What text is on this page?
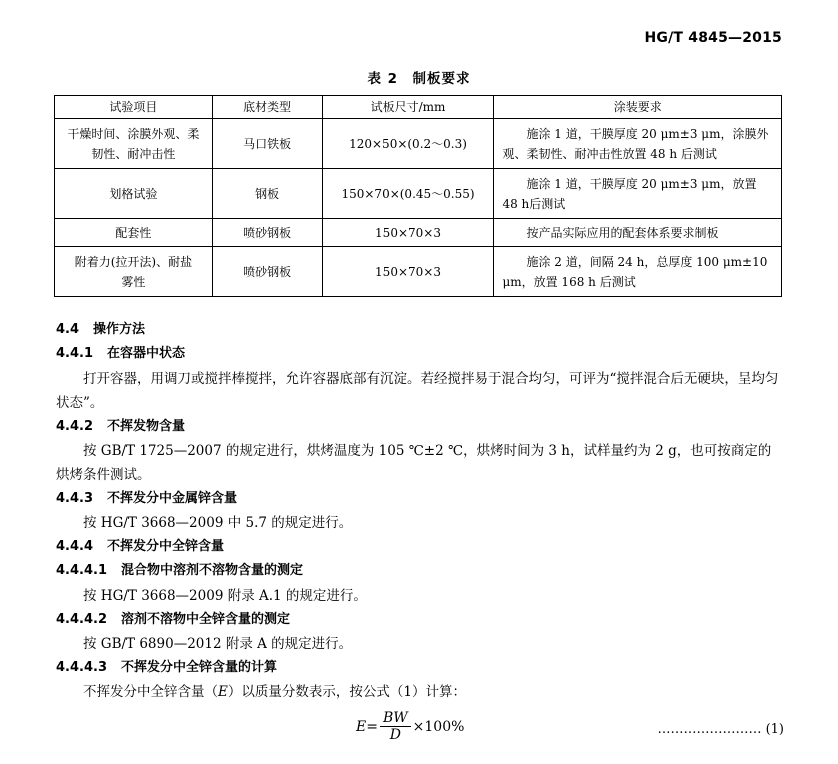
HG/T 4845—2015
表 2　制板要求
试验项目	底材类型	试板尺寸/mm	涂装要求
干燥时间、涂膜外观、柔韧性、耐冲击性	马口铁板	120×50×(0.2～0.3)	施涂 1 道，干膜厚度 20 μm±3 μm，涂膜外观、柔韧性、耐冲击性放置 48 h 后测试
划格试验	钢板	150×70×(0.45～0.55)	施涂 1 道，干膜厚度 20 μm±3 μm，放置 48 h后测试
配套性	喷砂钢板	150×70×3	按产品实际应用的配套体系要求制板
附着力(拉开法)、耐盐雾性	喷砂钢板	150×70×3	施涂 2 道，间隔 24 h，总厚度 100 μm±10 μm，放置 168 h 后测试
4.4 操作方法
4.4.1 在容器中状态
打开容器，用调刀或搅拌棒搅拌，允许容器底部有沉淀。若经搅拌易于混合均匀，可评为“搅拌混合后无硬块，呈均匀状态”。
4.4.2 不挥发物含量
按 GB/T 1725—2007 的规定进行，烘烤温度为 105 ℃±2 ℃，烘烤时间为 3 h，试样量约为 2 g，也可按商定的烘烤条件测试。
4.4.3 不挥发分中金属锌含量
按 HG/T 3668—2009 中 5.7 的规定进行。
4.4.4 不挥发分中全锌含量
4.4.4.1 混合物中溶剂不溶物含量的测定
按 HG/T 3668—2009 附录 A.1 的规定进行。
4.4.4.2 溶剂不溶物中全锌含量的测定
按 GB/T 6890—2012 附录 A 的规定进行。
4.4.4.3 不挥发分中全锌含量的计算
不挥发分中全锌含量（E）以质量分数表示，按公式（1）计算：
$E = \frac{BW}{D} \times 100\%$	…………………… (1)
